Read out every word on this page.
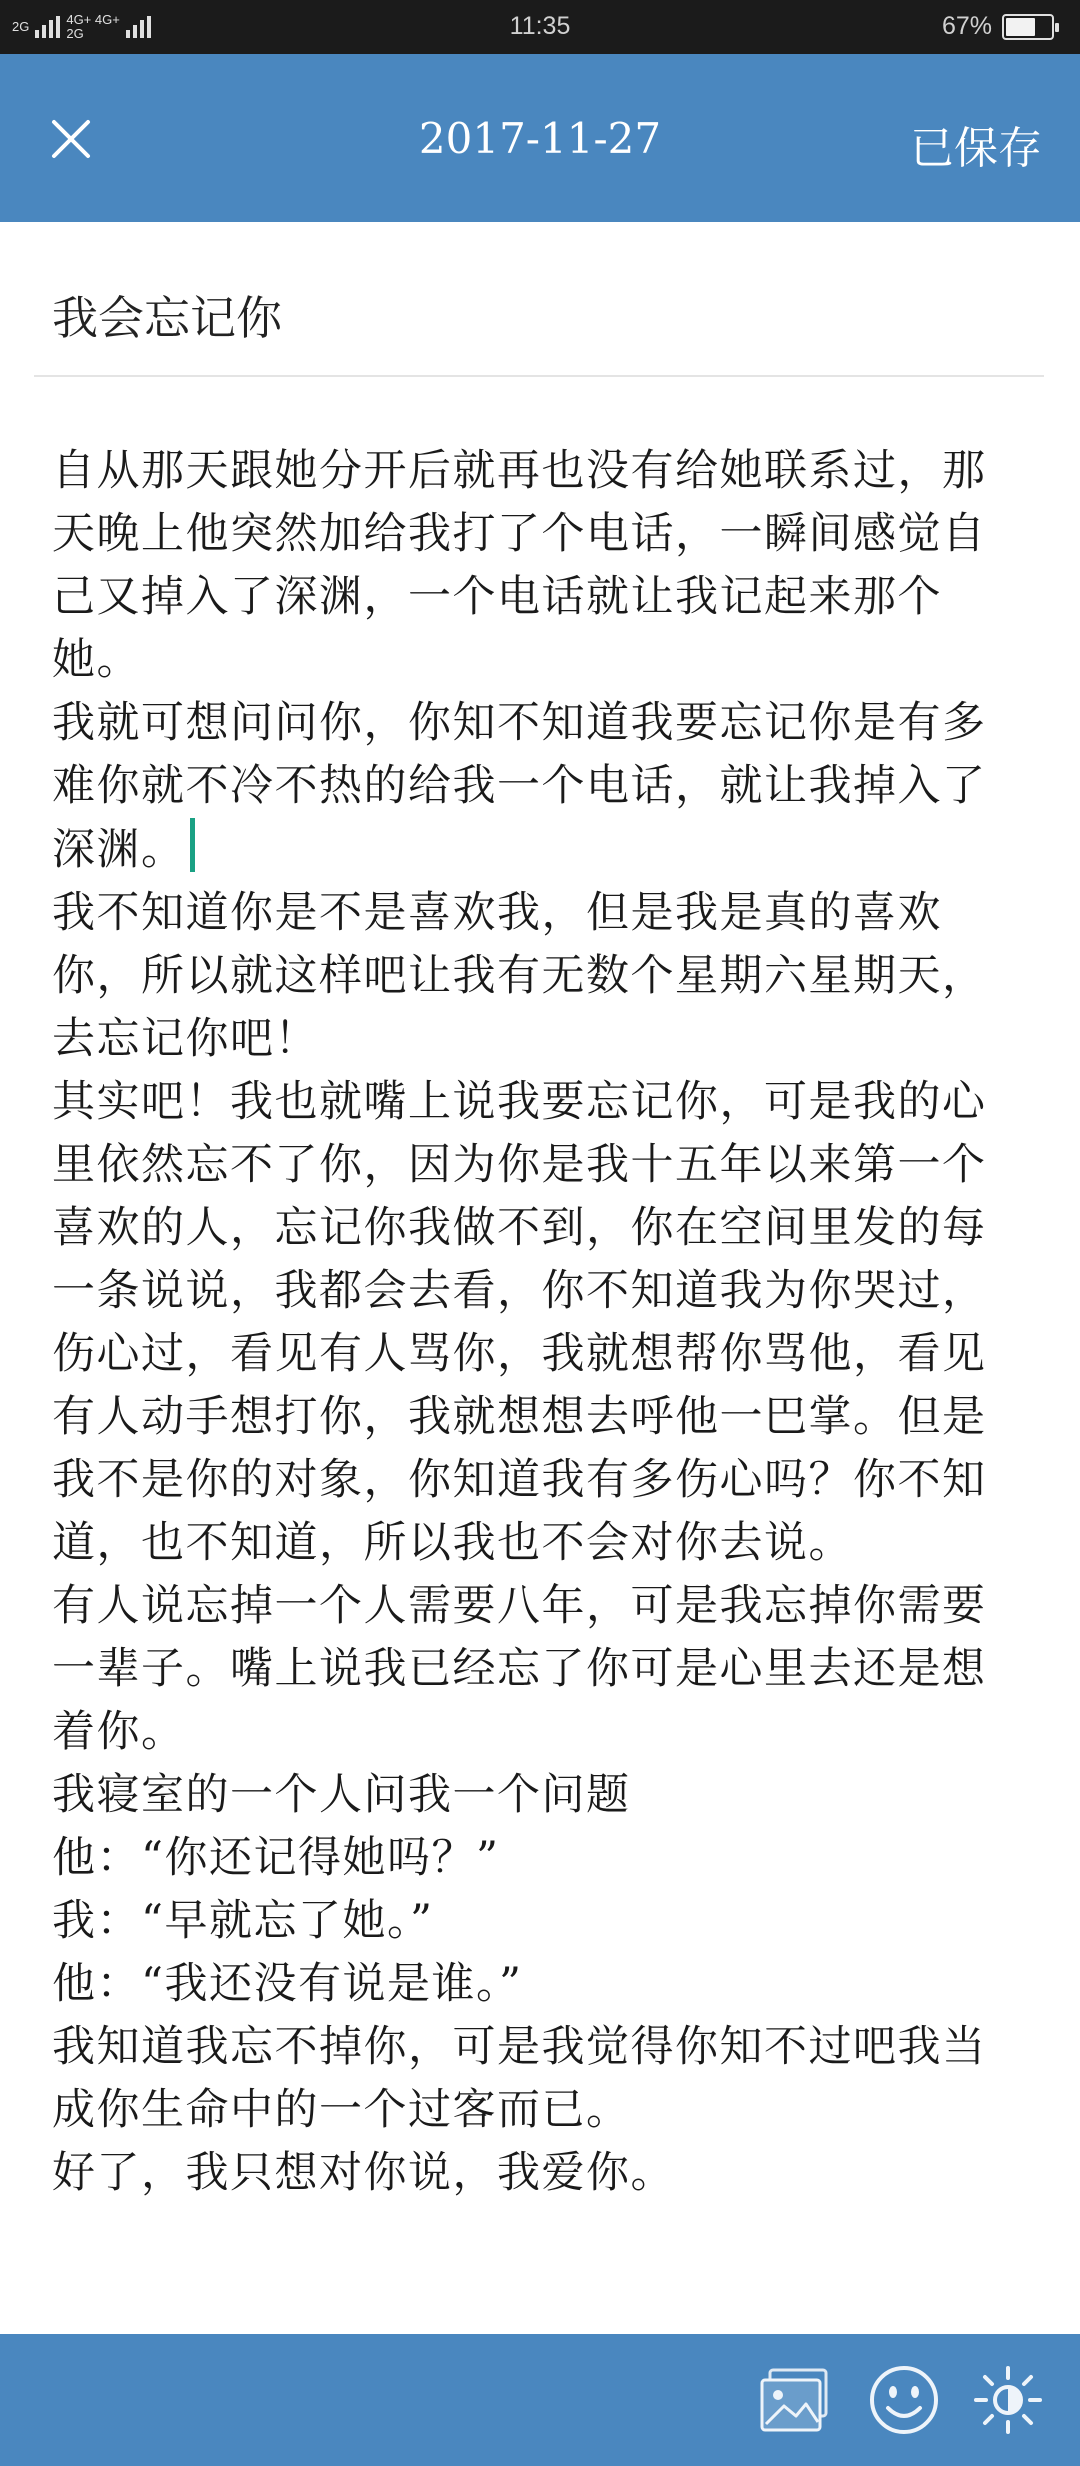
2G	4G+ 4G+
2G	11:35	67%
2017-11-27	已保存
我会忘记你

自从那天跟她分开后就再也没有给她联系过，那天晚上他突然加给我打了个电话，一瞬间感觉自己又掉入了深渊，一个电话就让我记起来那个她。

我就可想问问你，你知不知道我要忘记你是有多难你就不冷不热的给我一个电话，就让我掉入了深渊。

我不知道你是不是喜欢我，但是我是真的喜欢你，所以就这样吧让我有无数个星期六星期天，去忘记你吧！

其实吧！我也就嘴上说我要忘记你，可是我的心里依然忘不了你，因为你是我十五年以来第一个喜欢的人，忘记你我做不到，你在空间里发的每一条说说，我都会去看，你不知道我为你哭过，伤心过，看见有人骂你，我就想帮你骂他，看见有人动手想打你，我就想想去呼他一巴掌。但是我不是你的对象，你知道我有多伤心吗？你不知道，也不知道，所以我也不会对你去说。

有人说忘掉一个人需要八年，可是我忘掉你需要一辈子。嘴上说我已经忘了你可是心里去还是想着你。

我寝室的一个人问我一个问题

他：“你还记得她吗？”

我：“早就忘了她。”

他：“我还没有说是谁。”

我知道我忘不掉你，可是我觉得你知不过吧我当成你生命中的一个过客而已。

好了，我只想对你说，我爱你。
